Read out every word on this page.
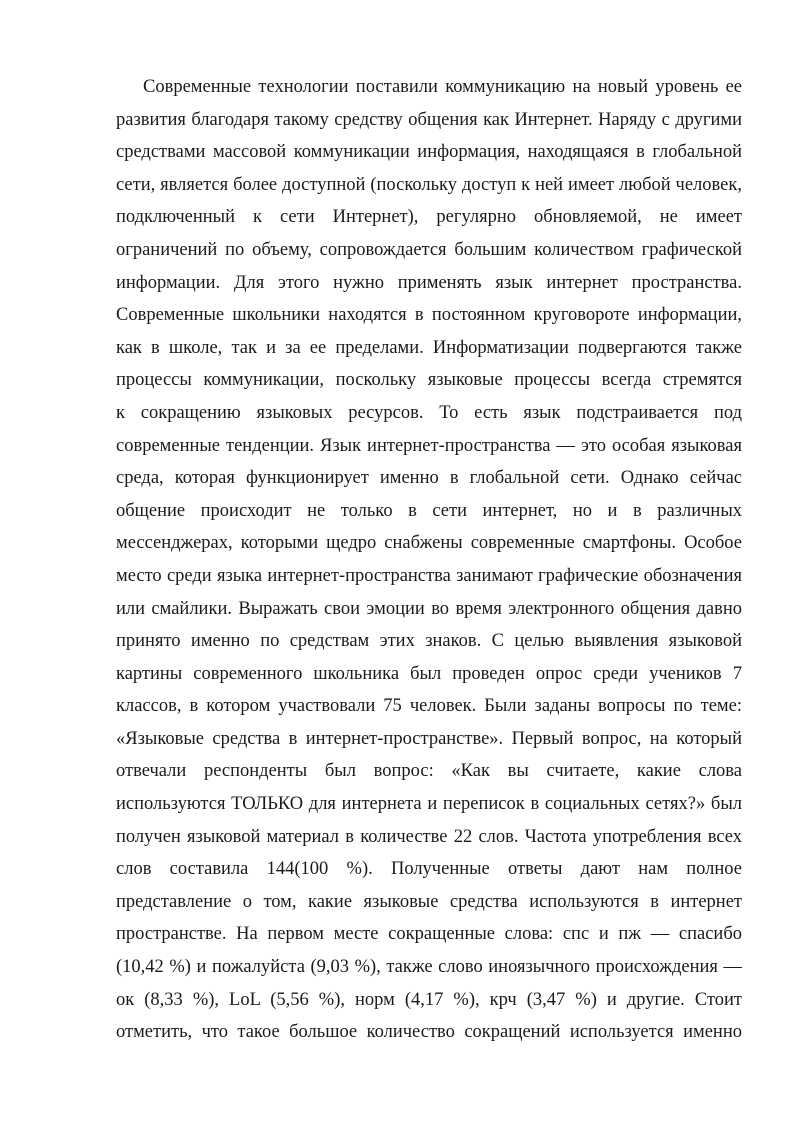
Современные технологии поставили коммуникацию на новый уровень ее
развития благодаря такому средству общения как Интернет. Наряду с другими
средствами массовой коммуникации информация, находящаяся в глобальной
сети, является более доступной (поскольку доступ к ней имеет любой человек,
подключенный к сети Интернет), регулярно обновляемой, не имеет
ограничений по объему, сопровождается большим количеством графической
информации. Для этого нужно применять язык интернет пространства.
Современные школьники находятся в постоянном круговороте информации,
как в школе, так и за ее пределами. Информатизации подвергаются также
процессы коммуникации, поскольку языковые процессы всегда стремятся
к сокращению языковых ресурсов. То есть язык подстраивается под
современные тенденции. Язык интернет-пространства — это особая языковая
среда, которая функционирует именно в глобальной сети. Однако сейчас
общение происходит не только в сети интернет, но и в различных
мессенджерах, которыми щедро снабжены современные смартфоны. Особое
место среди языка интернет-пространства занимают графические обозначения
или смайлики. Выражать свои эмоции во время электронного общения давно
принято именно по средствам этих знаков. С целью выявления языковой
картины современного школьника был проведен опрос среди учеников 7
классов, в котором участвовали 75 человек. Были заданы вопросы по теме:
«Языковые средства в интернет-пространстве». Первый вопрос, на который
отвечали респонденты был вопрос: «Как вы считаете, какие слова
используются ТОЛЬКО для интернета и переписок в социальных сетях?» был
получен языковой материал в количестве 22 слов. Частота употребления всех
слов составила 144(100 %). Полученные ответы дают нам полное
представление о том, какие языковые средства используются в интернет
пространстве. На первом месте сокращенные слова: спс и пж — спасибо
(10,42 %) и пожалуйста (9,03 %), также слово иноязычного происхождения —
ок (8,33 %), LoL (5,56 %), норм (4,17 %), крч (3,47 %) и другие. Стоит
отметить, что такое большое количество сокращений используется именно
